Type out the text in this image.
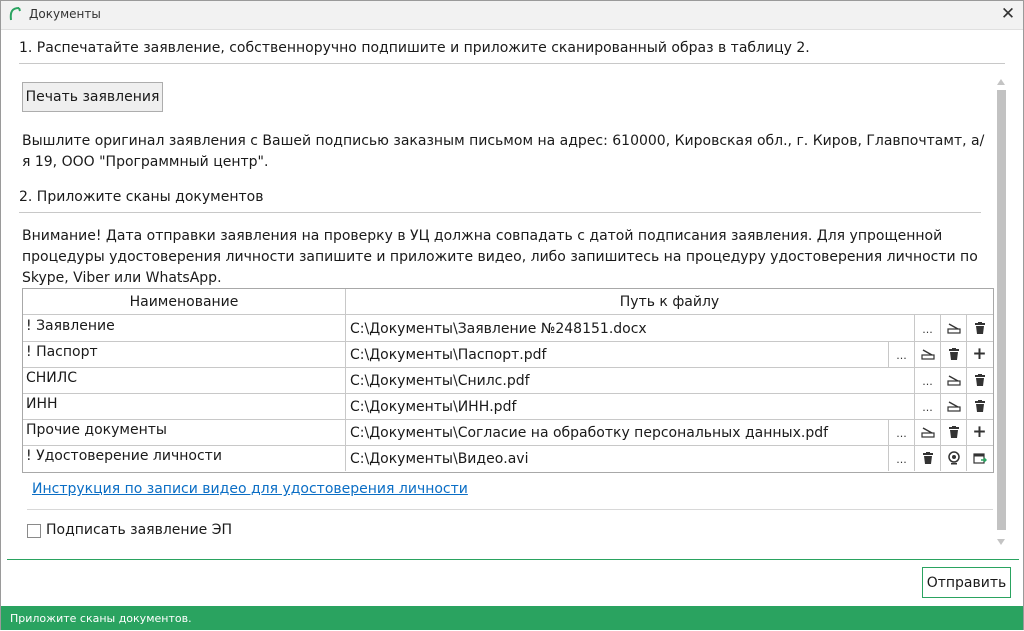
Документы	✕
1. Распечатайте заявление, собственноручно подпишите и приложите сканированный образ в таблицу 2.
Печать заявления
Вышлите оригинал заявления с Вашей подписью заказным письмом на адрес: 610000, Кировская обл., г. Киров, Главпочтамт, а/я 19, ООО "Программный центр".
2. Приложите сканы документов
Внимание! Дата отправки заявления на проверку в УЦ должна совпадать с датой подписания заявления. Для упрощенной процедуры удостоверения личности запишите и приложите видео, либо запишитесь на процедуру удостоверения личности по Skype, Viber или WhatsApp.
Наименование	Путь к файлу
! Заявление	C:\Документы\Заявление №248151.docx	...
! Паспорт	C:\Документы\Паспорт.pdf	...	+
СНИЛС	C:\Документы\Снилс.pdf	...
ИНН	C:\Документы\ИНН.pdf	...
Прочие документы	C:\Документы\Согласие на обработку персональных данных.pdf	...	+
! Удостоверение личности	C:\Документы\Видео.avi	...
Инструкция по записи видео для удостоверения личности
Подписать заявление ЭП
Отправить
Приложите сканы документов.
